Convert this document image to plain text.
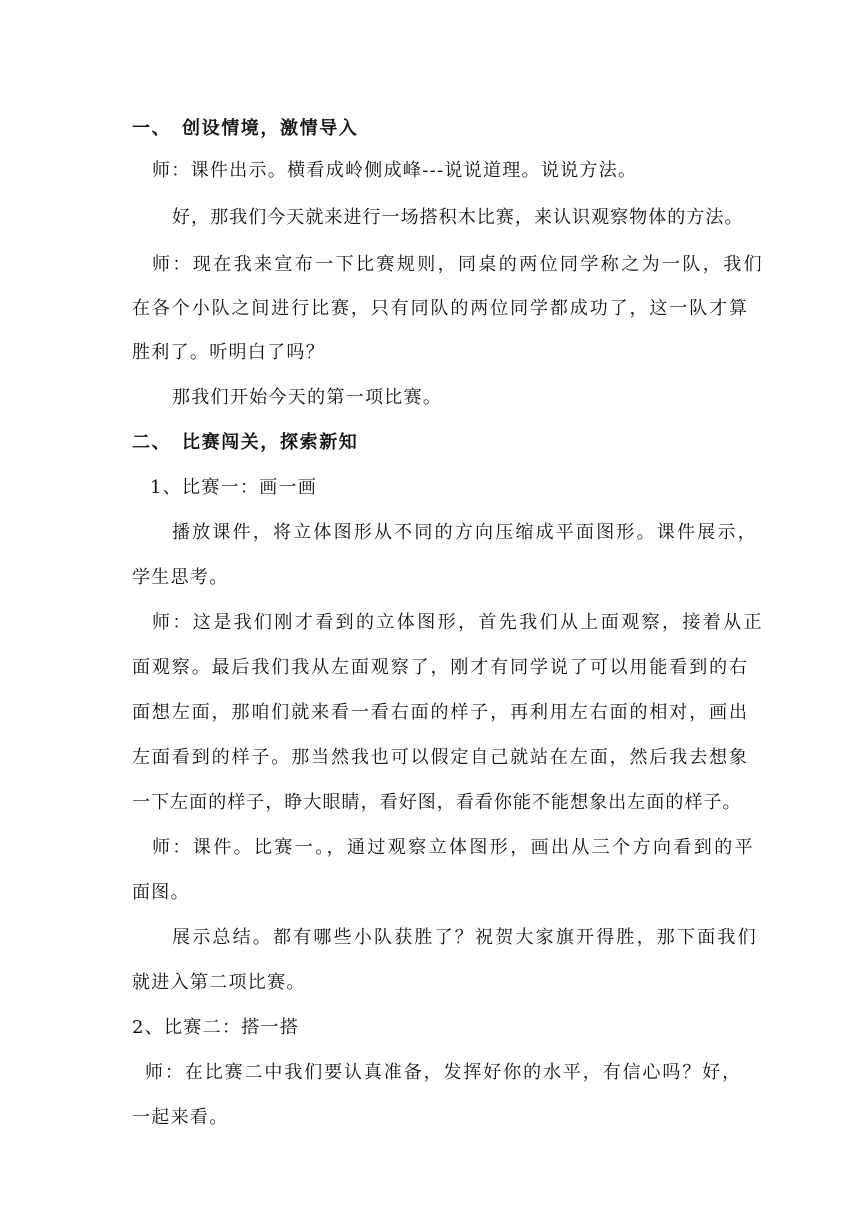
一、 创设情境，激情导入
师：课件出示。横看成岭侧成峰---说说道理。说说方法。
好，那我们今天就来进行一场搭积木比赛，来认识观察物体的方法。
师：现在我来宣布一下比赛规则，同桌的两位同学称之为一队，我们
在各个小队之间进行比赛，只有同队的两位同学都成功了，这一队才算
胜利了。听明白了吗？
那我们开始今天的第一项比赛。
二、 比赛闯关，探索新知
1、比赛一：画一画
播放课件，将立体图形从不同的方向压缩成平面图形。课件展示，
学生思考。
师：这是我们刚才看到的立体图形，首先我们从上面观察，接着从正
面观察。最后我们我从左面观察了，刚才有同学说了可以用能看到的右
面想左面，那咱们就来看一看右面的样子，再利用左右面的相对，画出
左面看到的样子。那当然我也可以假定自己就站在左面，然后我去想象
一下左面的样子，睁大眼睛，看好图，看看你能不能想象出左面的样子。
师：课件。比赛一。，通过观察立体图形，画出从三个方向看到的平
面图。
展示总结。都有哪些小队获胜了？祝贺大家旗开得胜，那下面我们
就进入第二项比赛。
2、比赛二：搭一搭
师：在比赛二中我们要认真准备，发挥好你的水平，有信心吗？好，
一起来看。
